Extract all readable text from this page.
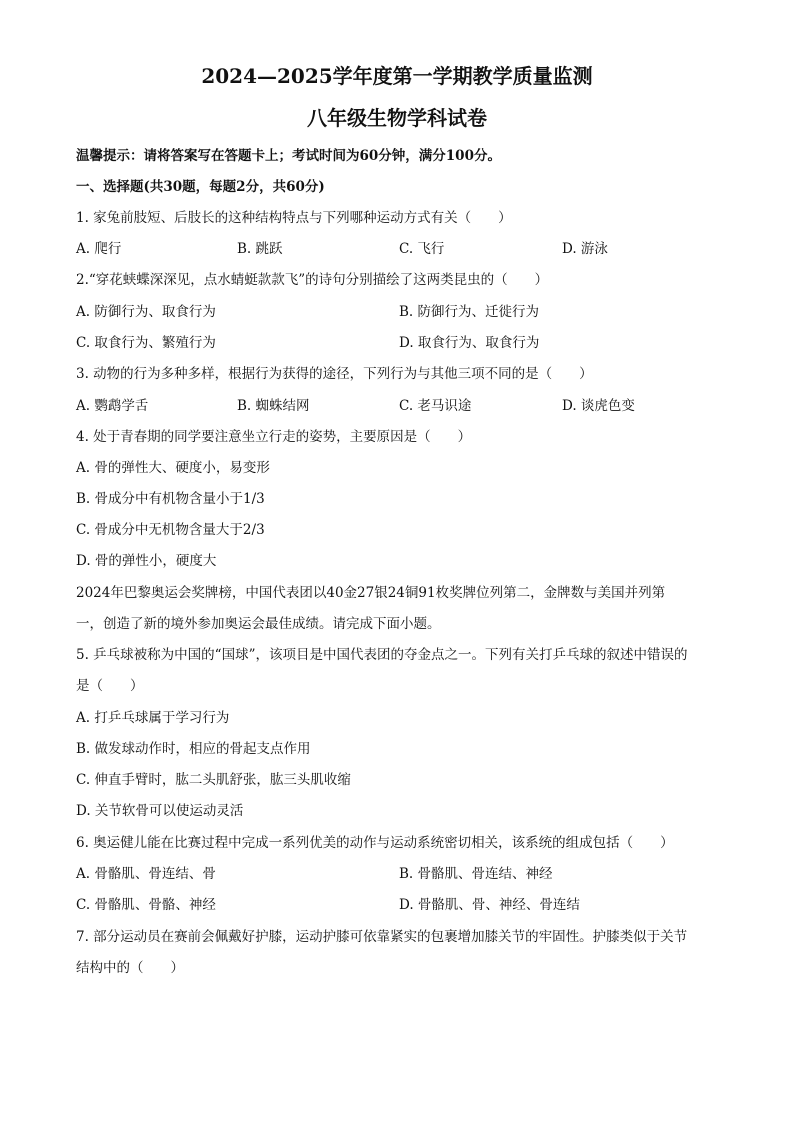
2024—2025学年度第一学期教学质量监测
八年级生物学科试卷
温馨提示：请将答案写在答题卡上；考试时间为60分钟，满分100分。
一、选择题(共30题，每题2分，共60分)
1. 家兔前肢短、后肢长的这种结构特点与下列哪种运动方式有关（　　）
A. 爬行	B. 跳跃	C. 飞行	D. 游泳
2.“穿花蛱蝶深深见，点水蜻蜓款款飞”的诗句分别描绘了这两类昆虫的（　　）
A. 防御行为、取食行为	B. 防御行为、迁徙行为
C. 取食行为、繁殖行为	D. 取食行为、取食行为
3. 动物的行为多种多样，根据行为获得的途径，下列行为与其他三项不同的是（　　）
A. 鹦鹉学舌	B. 蜘蛛结网	C. 老马识途	D. 谈虎色变
4. 处于青春期的同学要注意坐立行走的姿势，主要原因是（　　）
A. 骨的弹性大、硬度小，易变形
B. 骨成分中有机物含量小于1/3
C. 骨成分中无机物含量大于2/3
D. 骨的弹性小，硬度大
2024年巴黎奥运会奖牌榜，中国代表团以40金27银24铜91枚奖牌位列第二，金牌数与美国并列第
一，创造了新的境外参加奥运会最佳成绩。请完成下面小题。
5. 乒乓球被称为中国的“国球”，该项目是中国代表团的夺金点之一。下列有关打乒乓球的叙述中错误的
是（　　）
A. 打乒乓球属于学习行为
B. 做发球动作时，相应的骨起支点作用
C. 伸直手臂时，肱二头肌舒张，肱三头肌收缩
D. 关节软骨可以使运动灵活
6. 奥运健儿能在比赛过程中完成一系列优美的动作与运动系统密切相关，该系统的组成包括（　　）
A. 骨骼肌、骨连结、骨	B. 骨骼肌、骨连结、神经
C. 骨骼肌、骨骼、神经	D. 骨骼肌、骨、神经、骨连结
7. 部分运动员在赛前会佩戴好护膝，运动护膝可依靠紧实的包裹增加膝关节的牢固性。护膝类似于关节
结构中的（　　）
